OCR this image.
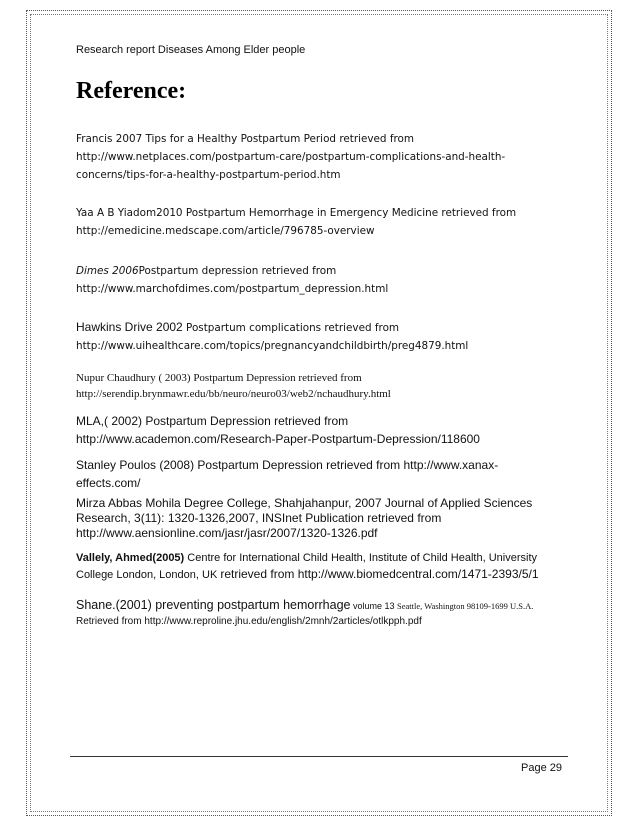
Research report Diseases Among Elder people
Reference:
Francis 2007 Tips for a Healthy Postpartum Period retrieved from
http://www.netplaces.com/postpartum-care/postpartum-complications-and-health-
concerns/tips-for-a-healthy-postpartum-period.htm
Yaa A B Yiadom2010 Postpartum Hemorrhage in Emergency Medicine retrieved from
http://emedicine.medscape.com/article/796785-overview
Dimes 2006Postpartum depression retrieved from
http://www.marchofdimes.com/postpartum_depression.html
Hawkins Drive 2002 Postpartum complications retrieved from
http://www.uihealthcare.com/topics/pregnancyandchildbirth/preg4879.html
Nupur Chaudhury ( 2003) Postpartum Depression retrieved from
http://serendip.brynmawr.edu/bb/neuro/neuro03/web2/nchaudhury.html
MLA,( 2002) Postpartum Depression retrieved from
http://www.academon.com/Research-Paper-Postpartum-Depression/118600
Stanley Poulos (2008) Postpartum Depression retrieved from http://www.xanax-
effects.com/
Mirza Abbas Mohila Degree College, Shahjahanpur, 2007 Journal of Applied Sciences
Research, 3(11): 1320-1326,2007, INSInet Publication retrieved from
http://www.aensionline.com/jasr/jasr/2007/1320-1326.pdf
Vallely, Ahmed(2005) Centre for International Child Health, Institute of Child Health, University
College London, London, UK retrieved from http://www.biomedcentral.com/1471-2393/5/1
Shane.(2001) preventing postpartum hemorrhage volume 13 Seattle, Washington 98109-1699 U.S.A.
Retrieved from http://www.reproline.jhu.edu/english/2mnh/2articles/otlkpph.pdf
Page 29
